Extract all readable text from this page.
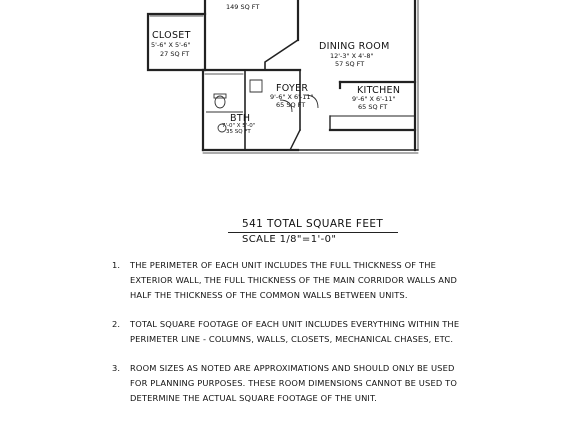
149 SQ FT
CLOSET
5'-6" X 5'-6"
27 SQ FT
DINING ROOM
12'-3" X 4'-8"
57 SQ FT
FOYER
9'-6" X 6'-11"
65 SQ FT
KITCHEN
9'-6" X 6'-11"
65 SQ FT
BTH
7'-0" X 5'-0"
35 SQ FT
541 TOTAL SQUARE FEET
SCALE 1/8"=1'-0"
1.	THE PERIMETER OF EACH UNIT INCLUDES THE FULL THICKNESS OF THE
EXTERIOR WALL, THE FULL THICKNESS OF THE MAIN CORRIDOR WALLS AND
HALF THE THICKNESS OF THE COMMON WALLS BETWEEN UNITS.
2.	TOTAL SQUARE FOOTAGE OF EACH UNIT INCLUDES EVERYTHING WITHIN THE
PERIMETER LINE - COLUMNS, WALLS, CLOSETS, MECHANICAL CHASES, ETC.
3.	ROOM SIZES AS NOTED ARE APPROXIMATIONS AND SHOULD ONLY BE USED
FOR PLANNING PURPOSES. THESE ROOM DIMENSIONS CANNOT BE USED TO
DETERMINE THE ACTUAL SQUARE FOOTAGE OF THE UNIT.
